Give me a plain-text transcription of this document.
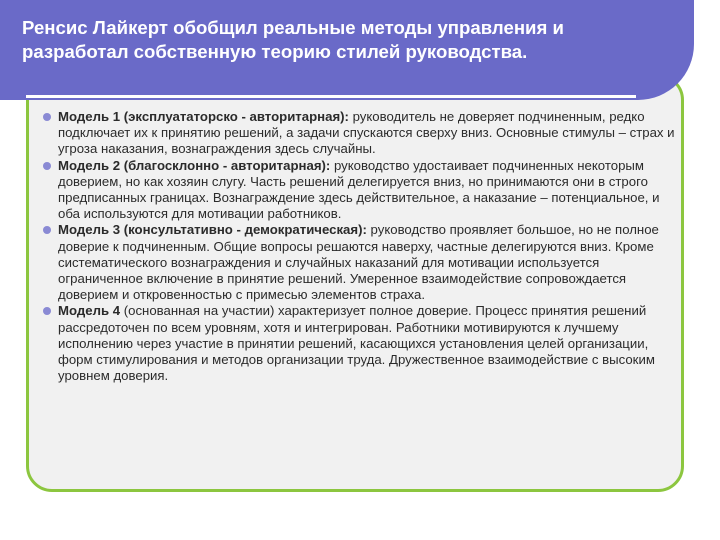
Ренсис Лайкерт обобщил реальные методы управления и разработал собственную теорию стилей руководства.
Модель 1 (эксплуататорско - авторитарная): руководитель не доверяет подчиненным, редко подключает их к принятию решений, а задачи спускаются сверху вниз. Основные стимулы – страх и угроза наказания, вознаграждения здесь случайны.
Модель 2 (благосклонно - авторитарная): руководство удостаивает подчиненных некоторым доверием, но как хозяин слугу. Часть решений делегируется вниз, но принимаются они в строго предписанных границах. Вознаграждение здесь действительное, а наказание – потенциальное, и оба используются для мотивации работников.
Модель 3 (консультативно - демократическая): руководство проявляет большое, но не полное доверие к подчиненным. Общие вопросы решаются наверху, частные делегируются вниз. Кроме систематического вознаграждения и случайных наказаний для мотивации используется ограниченное включение в принятие решений. Умеренное взаимодействие сопровождается доверием и откровенностью с примесью элементов страха.
Модель 4 (основанная на участии) характеризует полное доверие. Процесс принятия решений рассредоточен по всем уровням, хотя и интегрирован. Работники мотивируются к лучшему исполнению через участие в принятии решений, касающихся установления целей организации, форм стимулирования и методов организации труда. Дружественное взаимодействие с высоким уровнем доверия.
